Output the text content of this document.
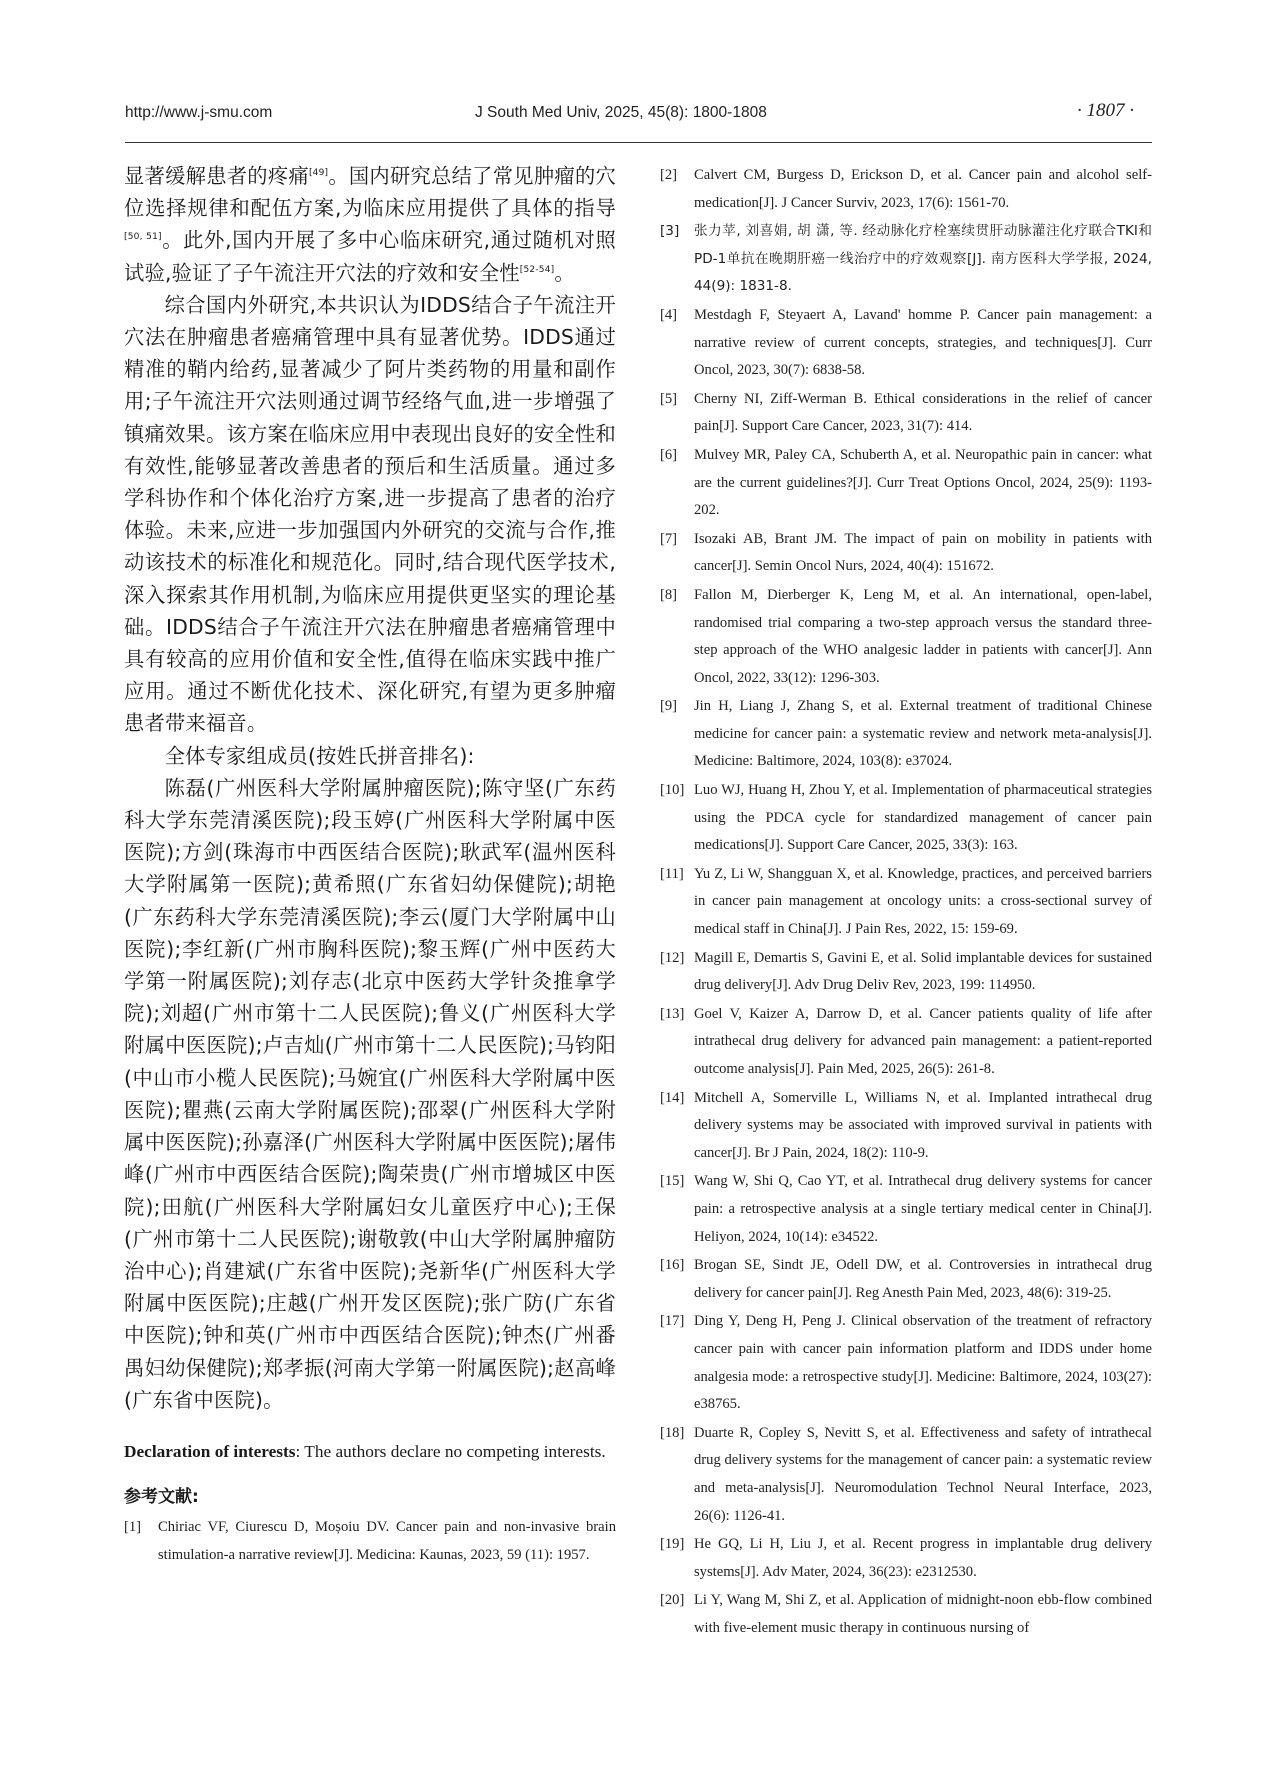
http://www.j-smu.com	J South Med Univ, 2025, 45(8): 1800-1808	· 1807 ·

显著缓解患者的疼痛[49]。国内研究总结了常见肿瘤的穴位选择规律和配伍方案,为临床应用提供了具体的指导[50, 51]。此外,国内开展了多中心临床研究,通过随机对照试验,验证了子午流注开穴法的疗效和安全性[52-54]。

综合国内外研究,本共识认为IDDS结合子午流注开穴法在肿瘤患者癌痛管理中具有显著优势。IDDS通过精准的鞘内给药,显著减少了阿片类药物的用量和副作用;子午流注开穴法则通过调节经络气血,进一步增强了镇痛效果。该方案在临床应用中表现出良好的安全性和有效性,能够显著改善患者的预后和生活质量。通过多学科协作和个体化治疗方案,进一步提高了患者的治疗体验。未来,应进一步加强国内外研究的交流与合作,推动该技术的标准化和规范化。同时,结合现代医学技术,深入探索其作用机制,为临床应用提供更坚实的理论基础。IDDS结合子午流注开穴法在肿瘤患者癌痛管理中具有较高的应用价值和安全性,值得在临床实践中推广应用。通过不断优化技术、深化研究,有望为更多肿瘤患者带来福音。

全体专家组成员(按姓氏拼音排名):

陈磊(广州医科大学附属肿瘤医院);陈守坚(广东药科大学东莞清溪医院);段玉婷(广州医科大学附属中医医院);方剑(珠海市中西医结合医院);耿武军(温州医科大学附属第一医院);黄希照(广东省妇幼保健院);胡艳(广东药科大学东莞清溪医院);李云(厦门大学附属中山医院);李红新(广州市胸科医院);黎玉辉(广州中医药大学第一附属医院);刘存志(北京中医药大学针灸推拿学院);刘超(广州市第十二人民医院);鲁义(广州医科大学附属中医医院);卢吉灿(广州市第十二人民医院);马钧阳(中山市小榄人民医院);马婉宜(广州医科大学附属中医医院);瞿燕(云南大学附属医院);邵翠(广州医科大学附属中医医院);孙嘉泽(广州医科大学附属中医医院);屠伟峰(广州市中西医结合医院);陶荣贵(广州市增城区中医院);田航(广州医科大学附属妇女儿童医疗中心);王保(广州市第十二人民医院);谢敬敦(中山大学附属肿瘤防治中心);肖建斌(广东省中医院);尧新华(广州医科大学附属中医医院);庄越(广州开发区医院);张广防(广东省中医院);钟和英(广州市中西医结合医院);钟杰(广州番禺妇幼保健院);郑孝振(河南大学第一附属医院);赵高峰(广东省中医院)。

Declaration of interests: The authors declare no competing interests.
参考文献:
[1] Chiriac VF, Ciurescu D, Moșoiu DV. Cancer pain and non-invasive brain stimulation-a narrative review[J]. Medicina: Kaunas, 2023, 59 (11): 1957.
[2] Calvert CM, Burgess D, Erickson D, et al. Cancer pain and alcohol self-medication[J]. J Cancer Surviv, 2023, 17(6): 1561-70.
[3] 张力苹, 刘喜娟, 胡 潇, 等. 经动脉化疗栓塞续贯肝动脉灌注化疗联合TKI和PD-1单抗在晚期肝癌一线治疗中的疗效观察[J]. 南方医科大学学报, 2024, 44(9): 1831-8.
[4] Mestdagh F, Steyaert A, Lavand' homme P. Cancer pain management: a narrative review of current concepts, strategies, and techniques[J]. Curr Oncol, 2023, 30(7): 6838-58.
[5] Cherny NI, Ziff-Werman B. Ethical considerations in the relief of cancer pain[J]. Support Care Cancer, 2023, 31(7): 414.
[6] Mulvey MR, Paley CA, Schuberth A, et al. Neuropathic pain in cancer: what are the current guidelines?[J]. Curr Treat Options Oncol, 2024, 25(9): 1193-202.
[7] Isozaki AB, Brant JM. The impact of pain on mobility in patients with cancer[J]. Semin Oncol Nurs, 2024, 40(4): 151672.
[8] Fallon M, Dierberger K, Leng M, et al. An international, open-label, randomised trial comparing a two-step approach versus the standard three-step approach of the WHO analgesic ladder in patients with cancer[J]. Ann Oncol, 2022, 33(12): 1296-303.
[9] Jin H, Liang J, Zhang S, et al. External treatment of traditional Chinese medicine for cancer pain: a systematic review and network meta-analysis[J]. Medicine: Baltimore, 2024, 103(8): e37024.
[10] Luo WJ, Huang H, Zhou Y, et al. Implementation of pharmaceutical strategies using the PDCA cycle for standardized management of cancer pain medications[J]. Support Care Cancer, 2025, 33(3): 163.
[11] Yu Z, Li W, Shangguan X, et al. Knowledge, practices, and perceived barriers in cancer pain management at oncology units: a cross-sectional survey of medical staff in China[J]. J Pain Res, 2022, 15: 159-69.
[12] Magill E, Demartis S, Gavini E, et al. Solid implantable devices for sustained drug delivery[J]. Adv Drug Deliv Rev, 2023, 199: 114950.
[13] Goel V, Kaizer A, Darrow D, et al. Cancer patients quality of life after intrathecal drug delivery for advanced pain management: a patient-reported outcome analysis[J]. Pain Med, 2025, 26(5): 261-8.
[14] Mitchell A, Somerville L, Williams N, et al. Implanted intrathecal drug delivery systems may be associated with improved survival in patients with cancer[J]. Br J Pain, 2024, 18(2): 110-9.
[15] Wang W, Shi Q, Cao YT, et al. Intrathecal drug delivery systems for cancer pain: a retrospective analysis at a single tertiary medical center in China[J]. Heliyon, 2024, 10(14): e34522.
[16] Brogan SE, Sindt JE, Odell DW, et al. Controversies in intrathecal drug delivery for cancer pain[J]. Reg Anesth Pain Med, 2023, 48(6): 319-25.
[17] Ding Y, Deng H, Peng J. Clinical observation of the treatment of refractory cancer pain with cancer pain information platform and IDDS under home analgesia mode: a retrospective study[J]. Medicine: Baltimore, 2024, 103(27): e38765.
[18] Duarte R, Copley S, Nevitt S, et al. Effectiveness and safety of intrathecal drug delivery systems for the management of cancer pain: a systematic review and meta-analysis[J]. Neuromodulation Technol Neural Interface, 2023, 26(6): 1126-41.
[19] He GQ, Li H, Liu J, et al. Recent progress in implantable drug delivery systems[J]. Adv Mater, 2024, 36(23): e2312530.
[20] Li Y, Wang M, Shi Z, et al. Application of midnight-noon ebb-flow combined with five-element music therapy in continuous nursing of
